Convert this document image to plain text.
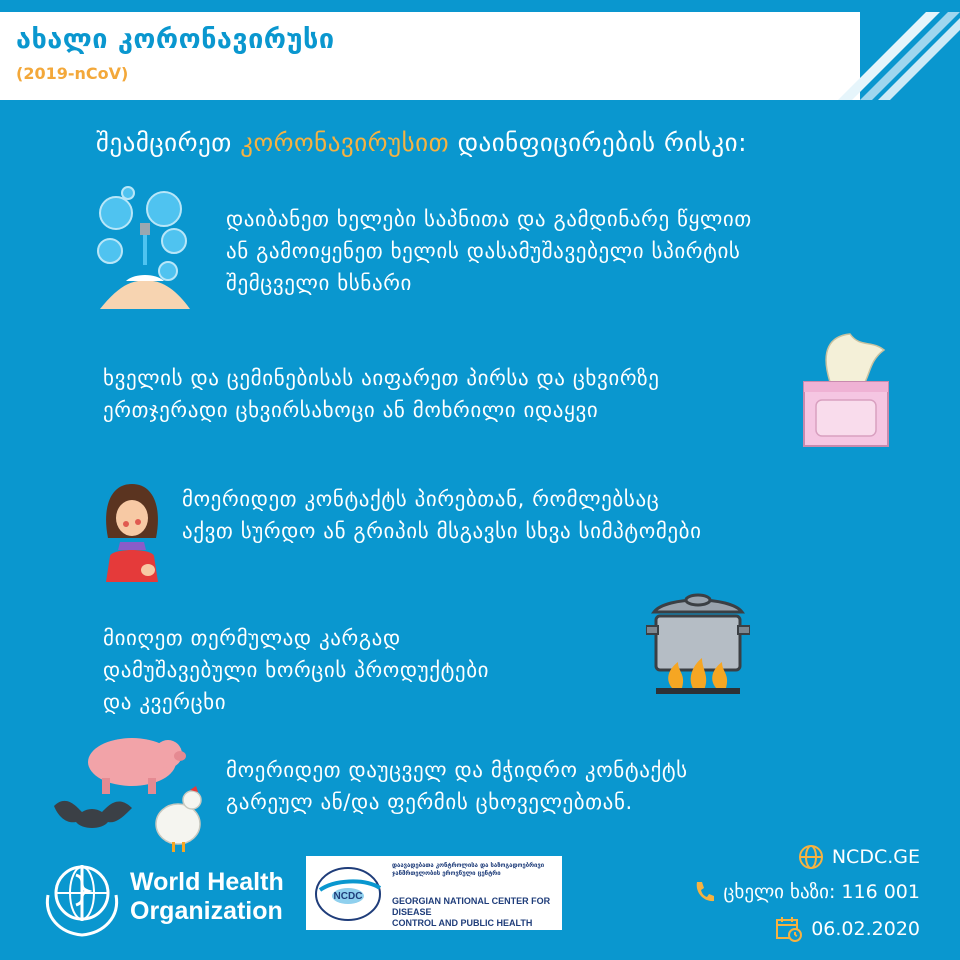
ახალი კორონავირუსი
(2019-nCoV)
შეამცირეთ კორონავირუსით დაინფიცირების რისკი:
დაიბანეთ ხელები საპნითა და გამდინარე წყლით
ან გამოიყენეთ ხელის დასამუშავებელი სპირტის
შემცველი ხსნარი
ხველის და ცემინებისას აიფარეთ პირსა და ცხვირზე
ერთჯერადი ცხვირსახოცი ან მოხრილი იდაყვი
მოერიდეთ კონტაქტს პირებთან, რომლებსაც
აქვთ სურდო ან გრიპის მსგავსი სხვა სიმპტომები
მიიღეთ თერმულად კარგად
დამუშავებული ხორცის პროდუქტები
და კვერცხი
მოერიდეთ დაუცველ და მჭიდრო კონტაქტს
გარეულ ან/და ფერმის ცხოველებთან.
World Health
Organization
NCDC
დაავადებათა კონტროლისა და საზოგადოებრივი ჯანმრთელობის ეროვნული ცენტრი
GEORGIAN NATIONAL CENTER FOR DISEASE
CONTROL AND PUBLIC HEALTH
NCDC.GE
ცხელი ხაზი: 116 001
06.02.2020
